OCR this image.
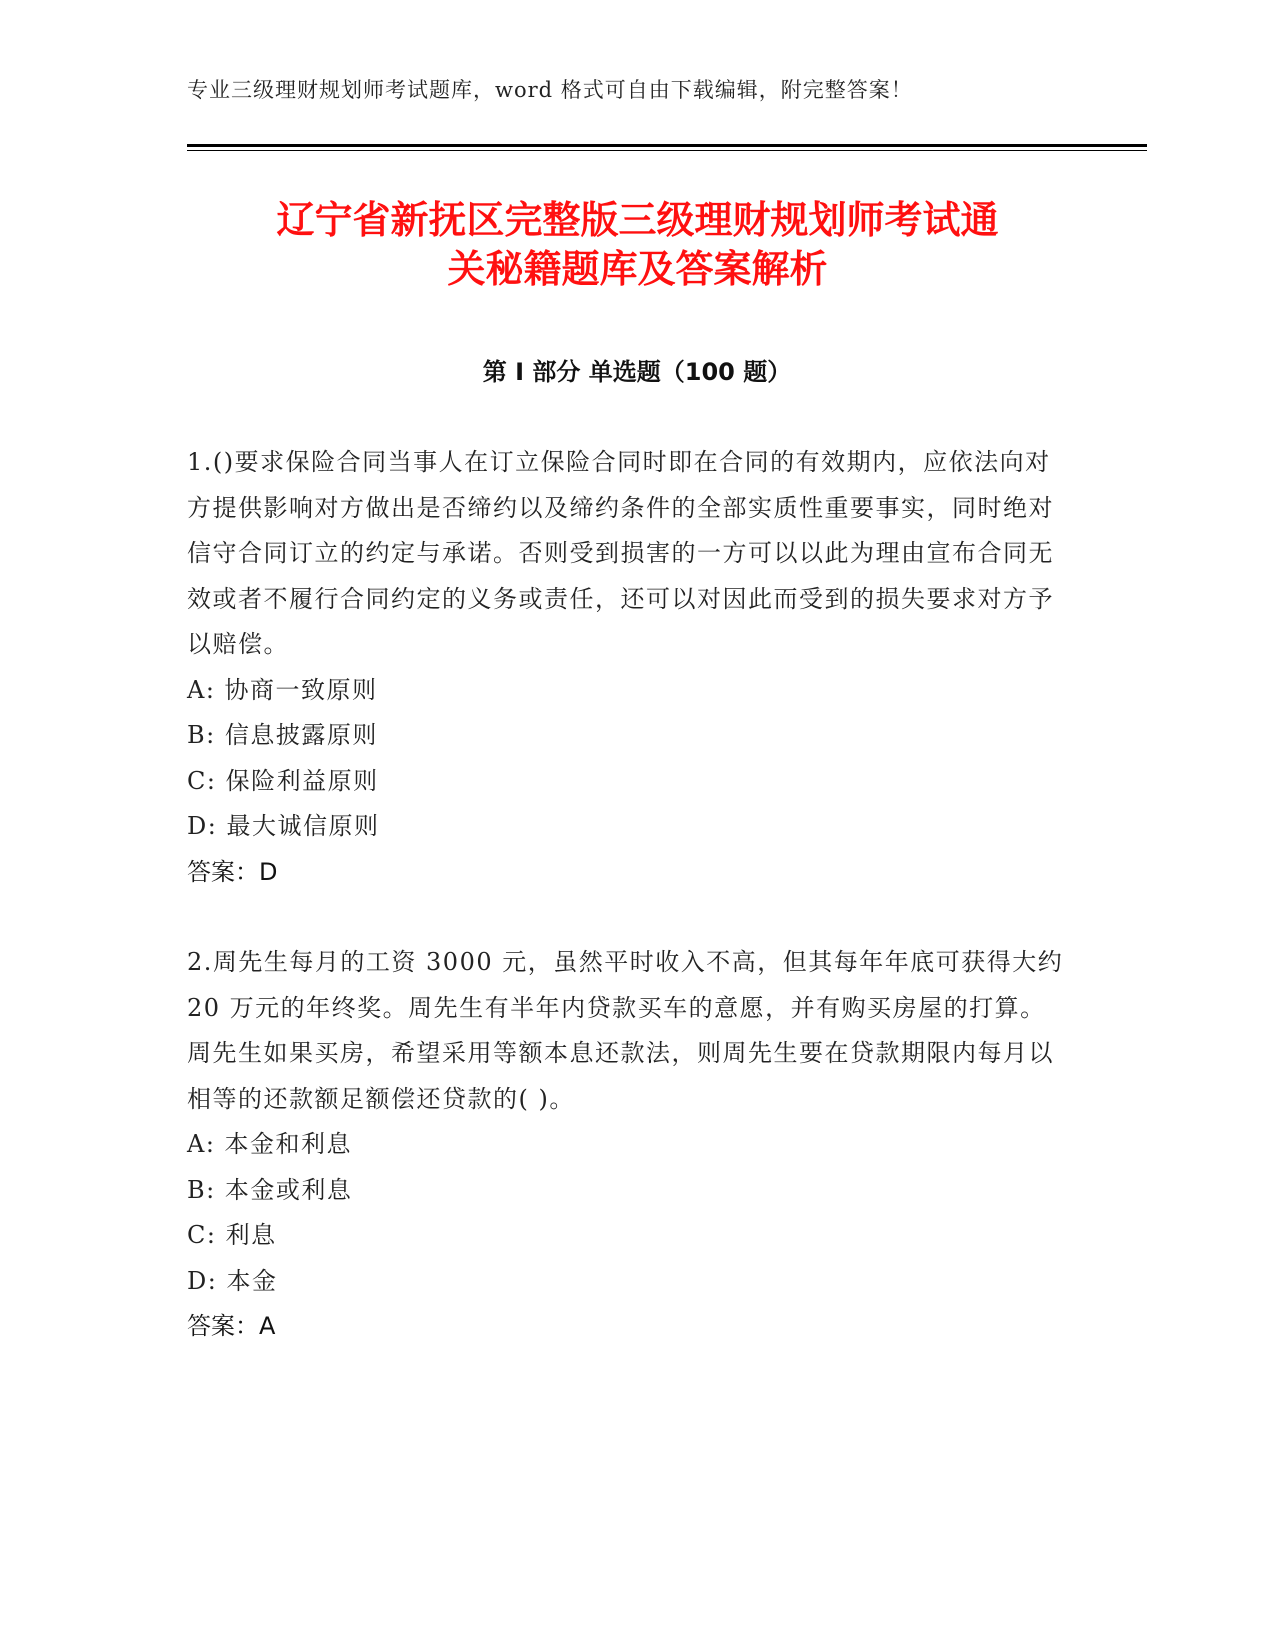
专业三级理财规划师考试题库，word 格式可自由下载编辑，附完整答案！
辽宁省新抚区完整版三级理财规划师考试通
关秘籍题库及答案解析
第 I 部分 单选题（100 题）

1.()要求保险合同当事人在订立保险合同时即在合同的有效期内，应依法向对方提供影响对方做出是否缔约以及缔约条件的全部实质性重要事实，同时绝对信守合同订立的约定与承诺。否则受到损害的一方可以以此为理由宣布合同无效或者不履行合同约定的义务或责任，还可以对因此而受到的损失要求对方予以赔偿。

A: 协商一致原则

B: 信息披露原则

C: 保险利益原则

D: 最大诚信原则

答案：D

2.周先生每月的工资 3000 元，虽然平时收入不高，但其每年年底可获得大约 20 万元的年终奖。周先生有半年内贷款买车的意愿，并有购买房屋的打算。周先生如果买房，希望采用等额本息还款法，则周先生要在贷款期限内每月以相等的还款额足额偿还贷款的( )。

A: 本金和利息

B: 本金或利息

C: 利息

D: 本金

答案：A
